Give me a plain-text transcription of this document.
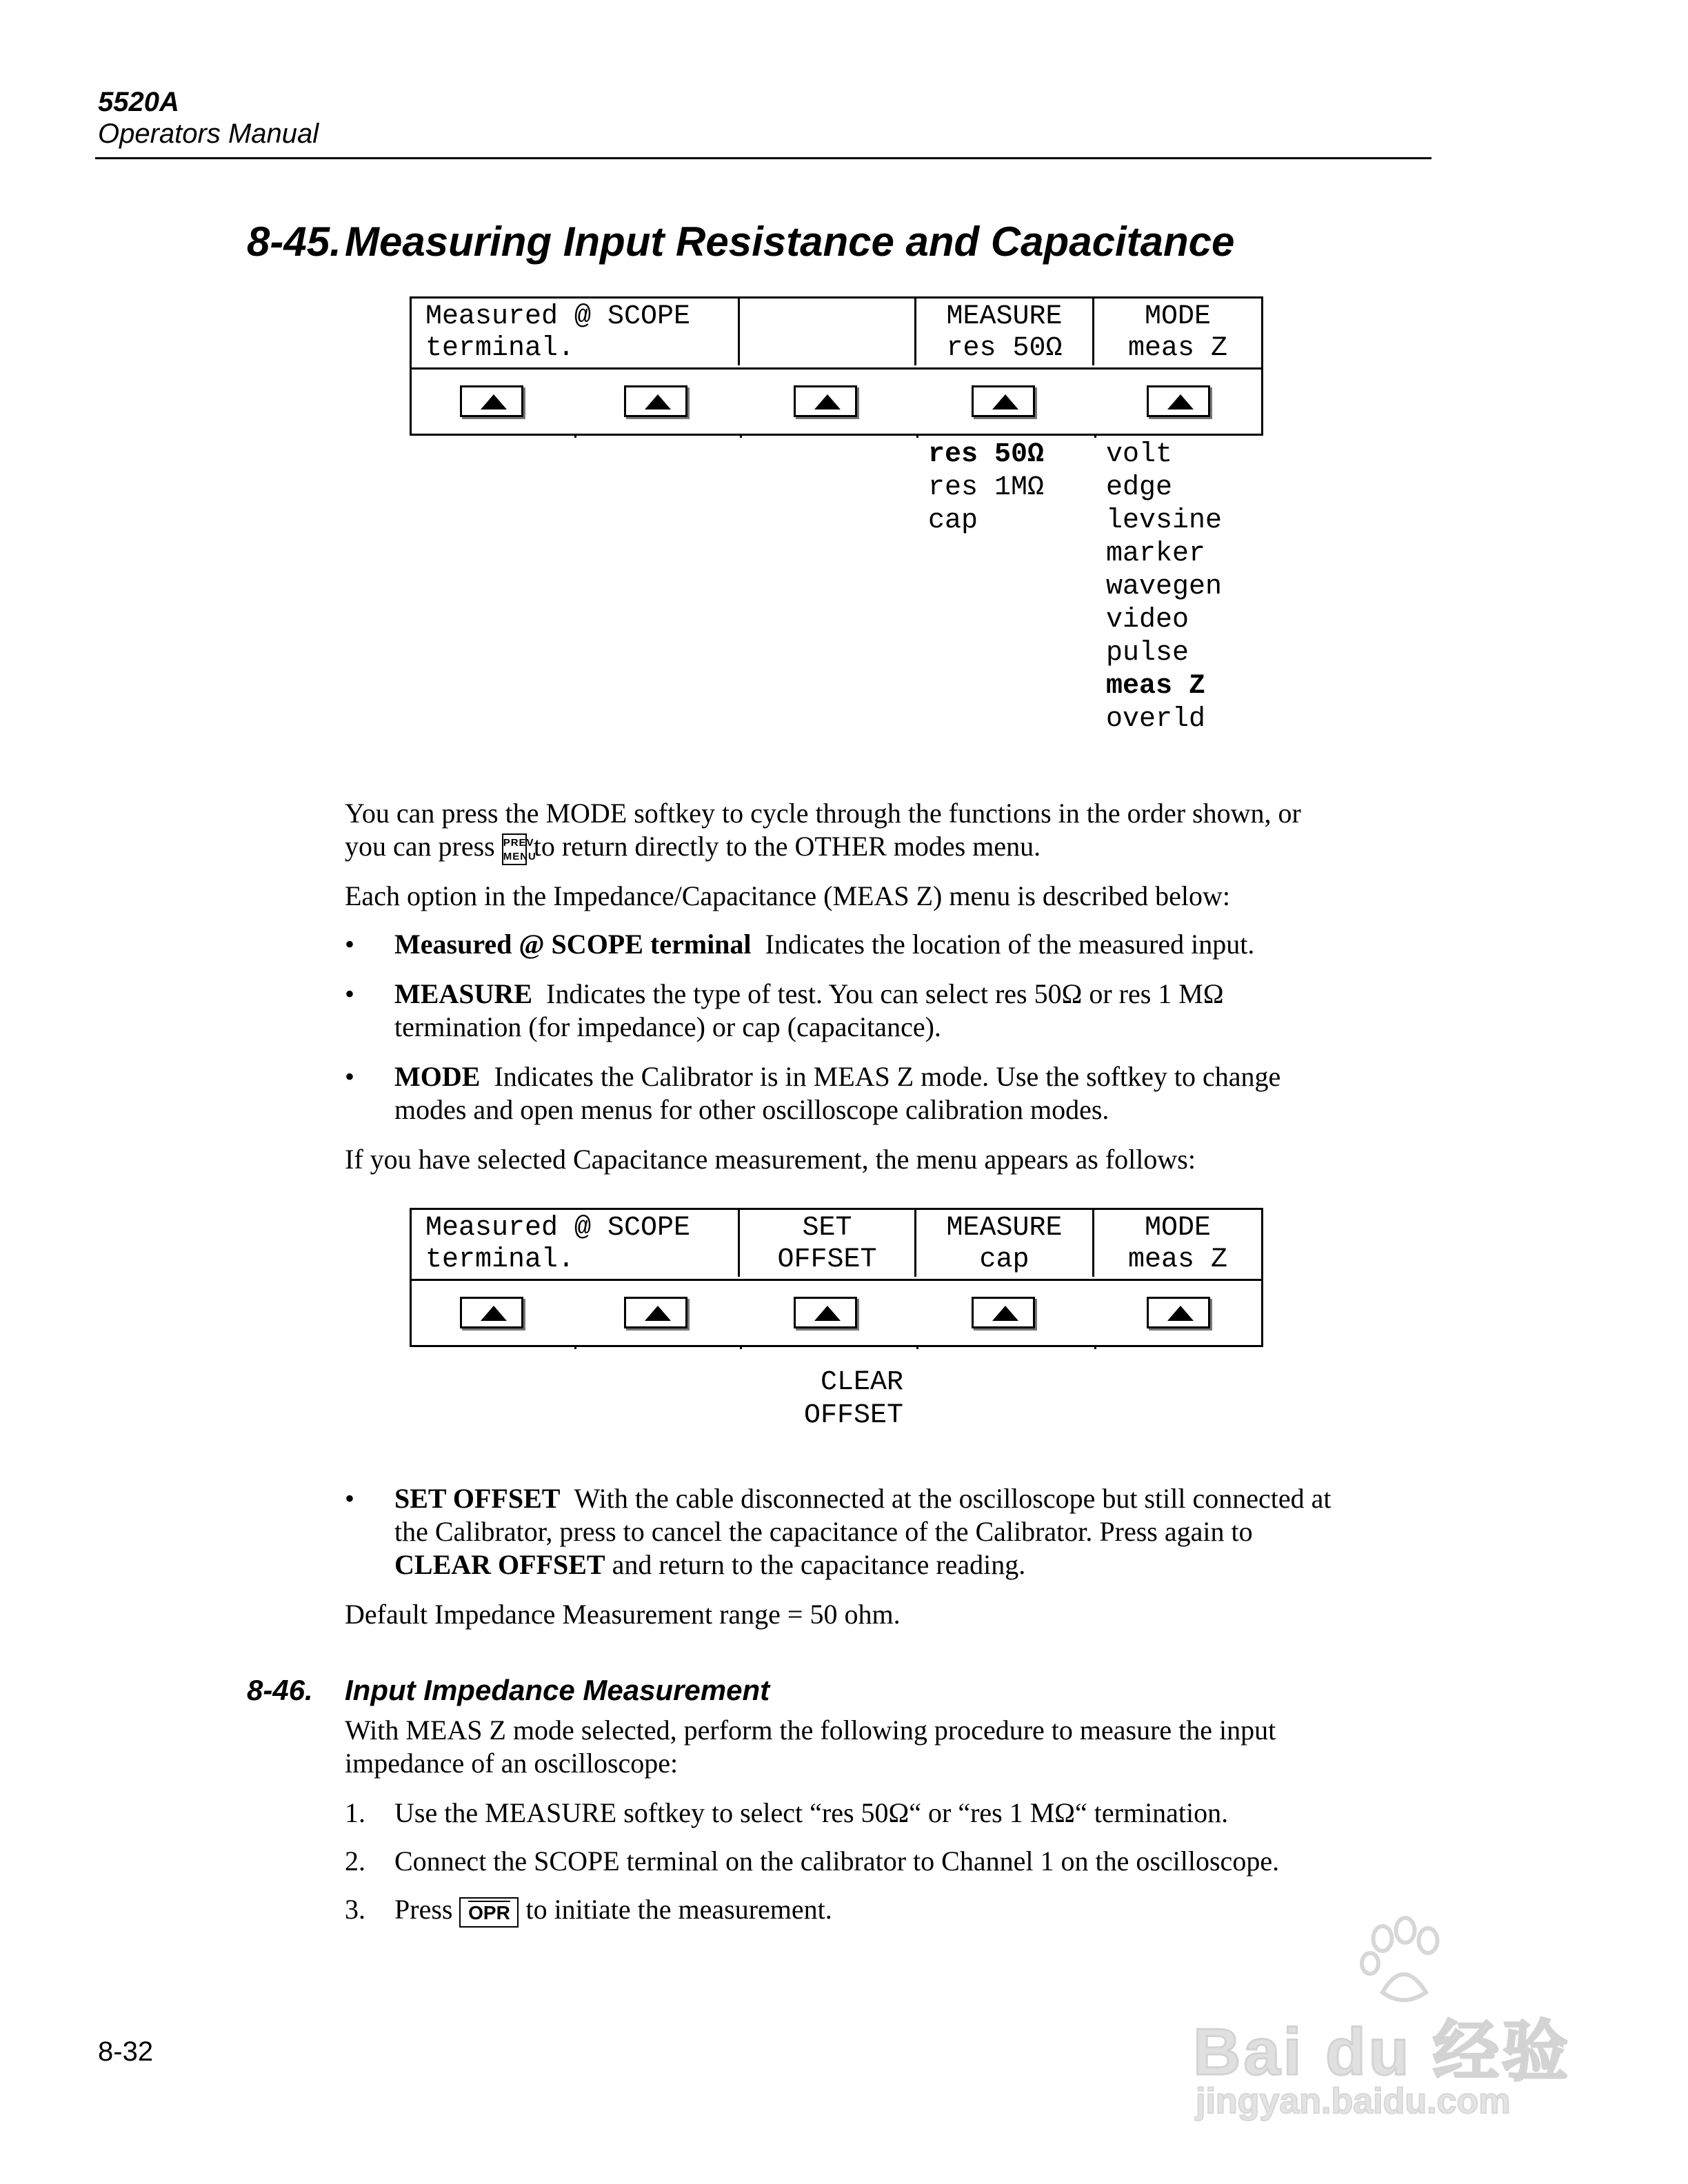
5520A
Operators Manual
8-45.Measuring Input Resistance and Capacitance
Measured @ SCOPE
terminal.
MEASURE
res 50Ω
MODE
meas Z
res 50Ω
res 1MΩ
cap
volt
edge
levsine
marker
wavegen
video
pulse
meas Z
overld
You can press the MODE softkey to cycle through the functions in the order shown, or
you can press PREV
MENU to return directly to the OTHER modes menu.
Each option in the Impedance/Capacitance (MEAS Z) menu is described below:
• Measured @ SCOPE terminal Indicates the location of the measured input.
• MEASURE Indicates the type of test. You can select res 50Ω or res 1 MΩ
termination (for impedance) or cap (capacitance).
• MODE Indicates the Calibrator is in MEAS Z mode. Use the softkey to change
modes and open menus for other oscilloscope calibration modes.
If you have selected Capacitance measurement, the menu appears as follows:
Measured @ SCOPE
terminal.
SET
OFFSET
MEASURE
cap
MODE
meas Z
CLEAR
OFFSET
• SET OFFSET With the cable disconnected at the oscilloscope but still connected at
the Calibrator, press to cancel the capacitance of the Calibrator. Press again to
CLEAR OFFSET and return to the capacitance reading.
Default Impedance Measurement range = 50 ohm.
8-46. Input Impedance Measurement
With MEAS Z mode selected, perform the following procedure to measure the input
impedance of an oscilloscope:
1. Use the MEASURE softkey to select “res 50Ω“ or “res 1 MΩ“ termination.
2. Connect the SCOPE terminal on the calibrator to Channel 1 on the oscilloscope.
3. Press $\overline{OPR}$ to initiate the measurement.
8-32	Bai du 经验
jingyan.baidu.com
